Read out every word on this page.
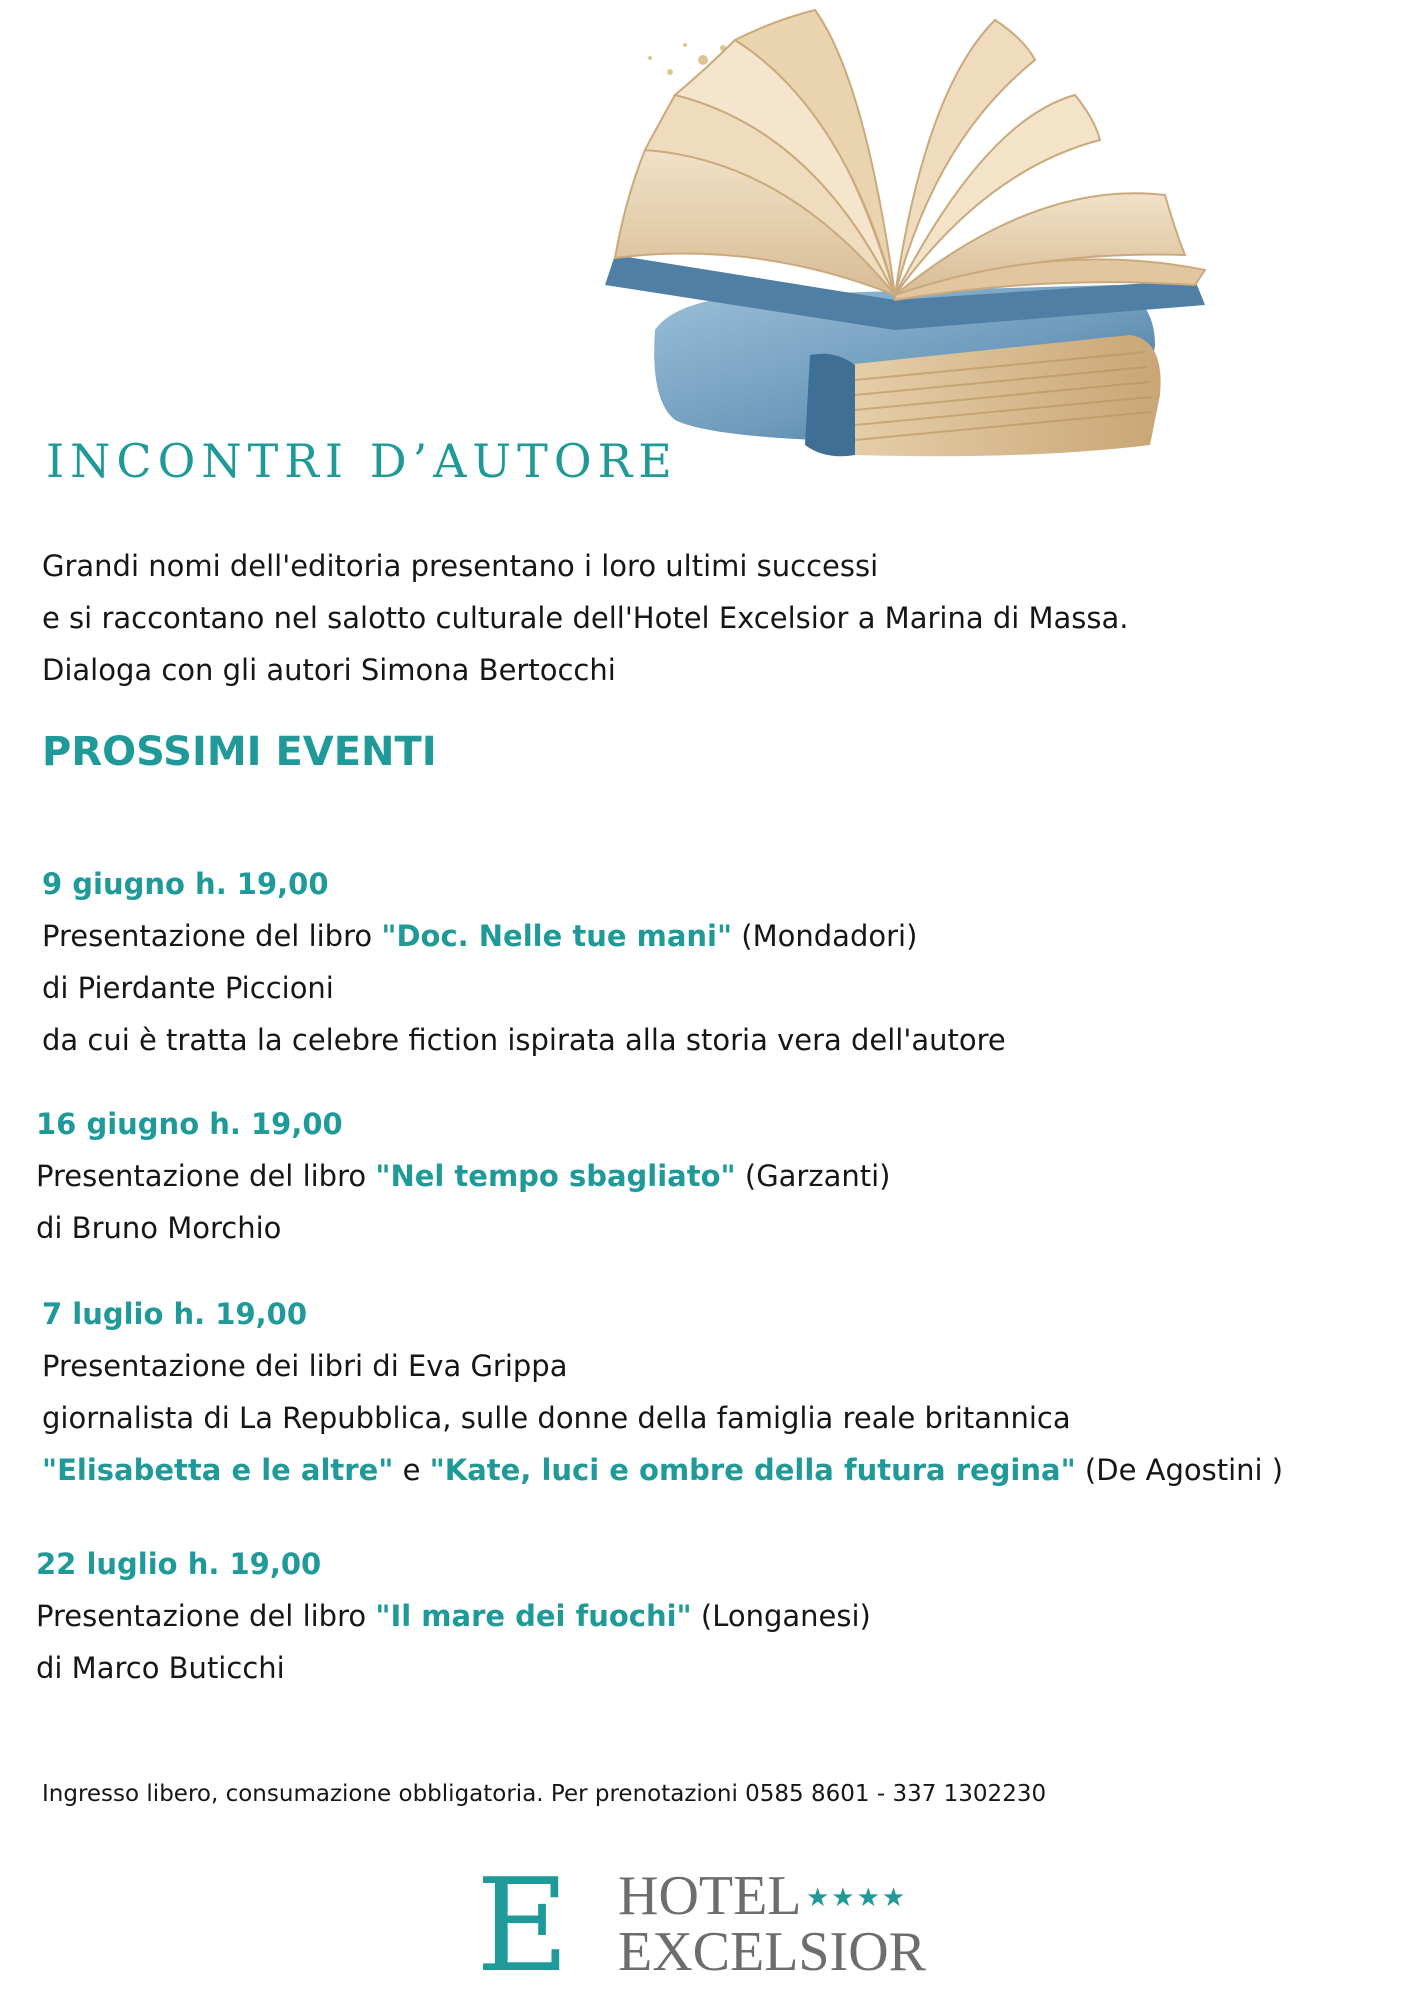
INCONTRI D’AUTORE
Grandi nomi dell'editoria presentano i loro ultimi successi
e si raccontano nel salotto culturale dell'Hotel Excelsior a Marina di Massa.
Dialoga con gli autori Simona Bertocchi
PROSSIMI EVENTI
9 giugno h. 19,00
Presentazione del libro "Doc. Nelle tue mani" (Mondadori)
di Pierdante Piccioni
da cui è tratta la celebre fiction ispirata alla storia vera dell'autore
16 giugno h. 19,00
Presentazione del libro "Nel tempo sbagliato" (Garzanti)
di Bruno Morchio
7 luglio h. 19,00
Presentazione dei libri di Eva Grippa
giornalista di La Repubblica, sulle donne della famiglia reale britannica
"Elisabetta e le altre" e "Kate, luci e ombre della futura regina" (De Agostini )
22 luglio h. 19,00
Presentazione del libro "Il mare dei fuochi" (Longanesi)
di Marco Buticchi
Ingresso libero, consumazione obbligatoria. Per prenotazioni 0585 8601 - 337 1302230
E HOTEL ★★★★
EXCELSIOR
